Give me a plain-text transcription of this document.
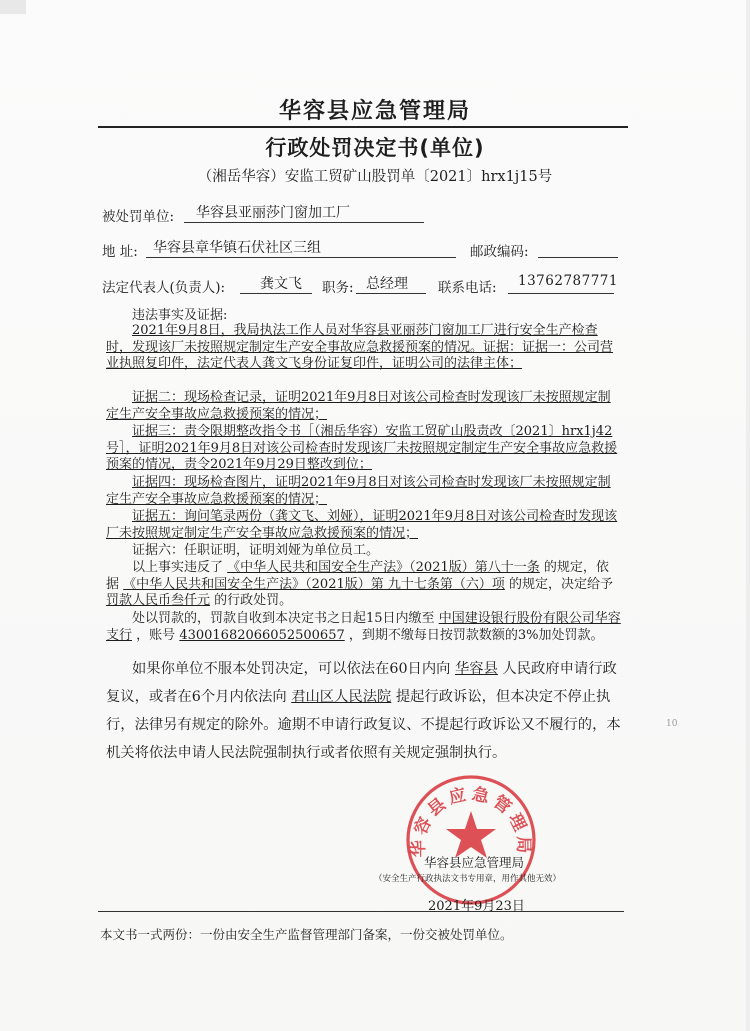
华容县应急管理局
行政处罚决定书(单位)
（湘岳华容）安监工贸矿山股罚单〔2021〕hrx1j15号
被处罚单位: 华容县亚丽莎门窗加工厂
地 址: 华容县章华镇石伏社区三组	邮政编码:
法定代表人(负责人): 龚文飞 职务: 总经理 联系电话: 13762787771
违法事实及证据:
2021年9月8日，我局执法工作人员对华容县亚丽莎门窗加工厂进行安全生产检查时，发现该厂未按照规定制定生产安全事故应急救援预案的情况。证据：证据一：公司营业执照复印件，法定代表人龚文飞身份证复印件，证明公司的法律主体；
证据二：现场检查记录，证明2021年9月8日对该公司检查时发现该厂未按照规定制定生产安全事故应急救援预案的情况；
证据三：责令限期整改指令书［（湘岳华容）安监工贸矿山股责改〔2021〕hrx1j42号］，证明2021年9月8日对该公司检查时发现该厂未按照规定制定生产安全事故应急救援预案的情况，责令2021年9月29日整改到位；
证据四：现场检查图片，证明2021年9月8日对该公司检查时发现该厂未按照规定制定生产安全事故应急救援预案的情况；
证据五：询问笔录两份（龚文飞、刘娅），证明2021年9月8日对该公司检查时发现该厂未按照规定制定生产安全事故应急救援预案的情况；
证据六：任职证明，证明刘娅为单位员工。
以上事实违反了 《中华人民共和国安全生产法》（2021版）第八十一条 的规定，依据 《中华人民共和国安全生产法》（2021版）第 九十七条第（六）项 的规定，决定给予 罚款人民币叁仟元 的行政处罚。
处以罚款的，罚款自收到本决定书之日起15日内缴至 中国建设银行股份有限公司华容支行 ，账号 43001682066052500657 ，到期不缴每日按罚款数额的3%加处罚款。
如果你单位不服本处罚决定，可以依法在60日内向 华容县 人民政府申请行政复议，或者在6个月内依法向 君山区人民法院 提起行政诉讼，但本决定不停止执行，法律另有规定的除外。逾期不申请行政复议、不提起行政诉讼又不履行的，本机关将依法申请人民法院强制执行或者依照有关规定强制执行。
10
华容县应急管理局
华容县应急管理局
（安全生产行政执法文书专用章，用作其他无效）
2021年9月23日
本文书一式两份：一份由安全生产监督管理部门备案，一份交被处罚单位。
